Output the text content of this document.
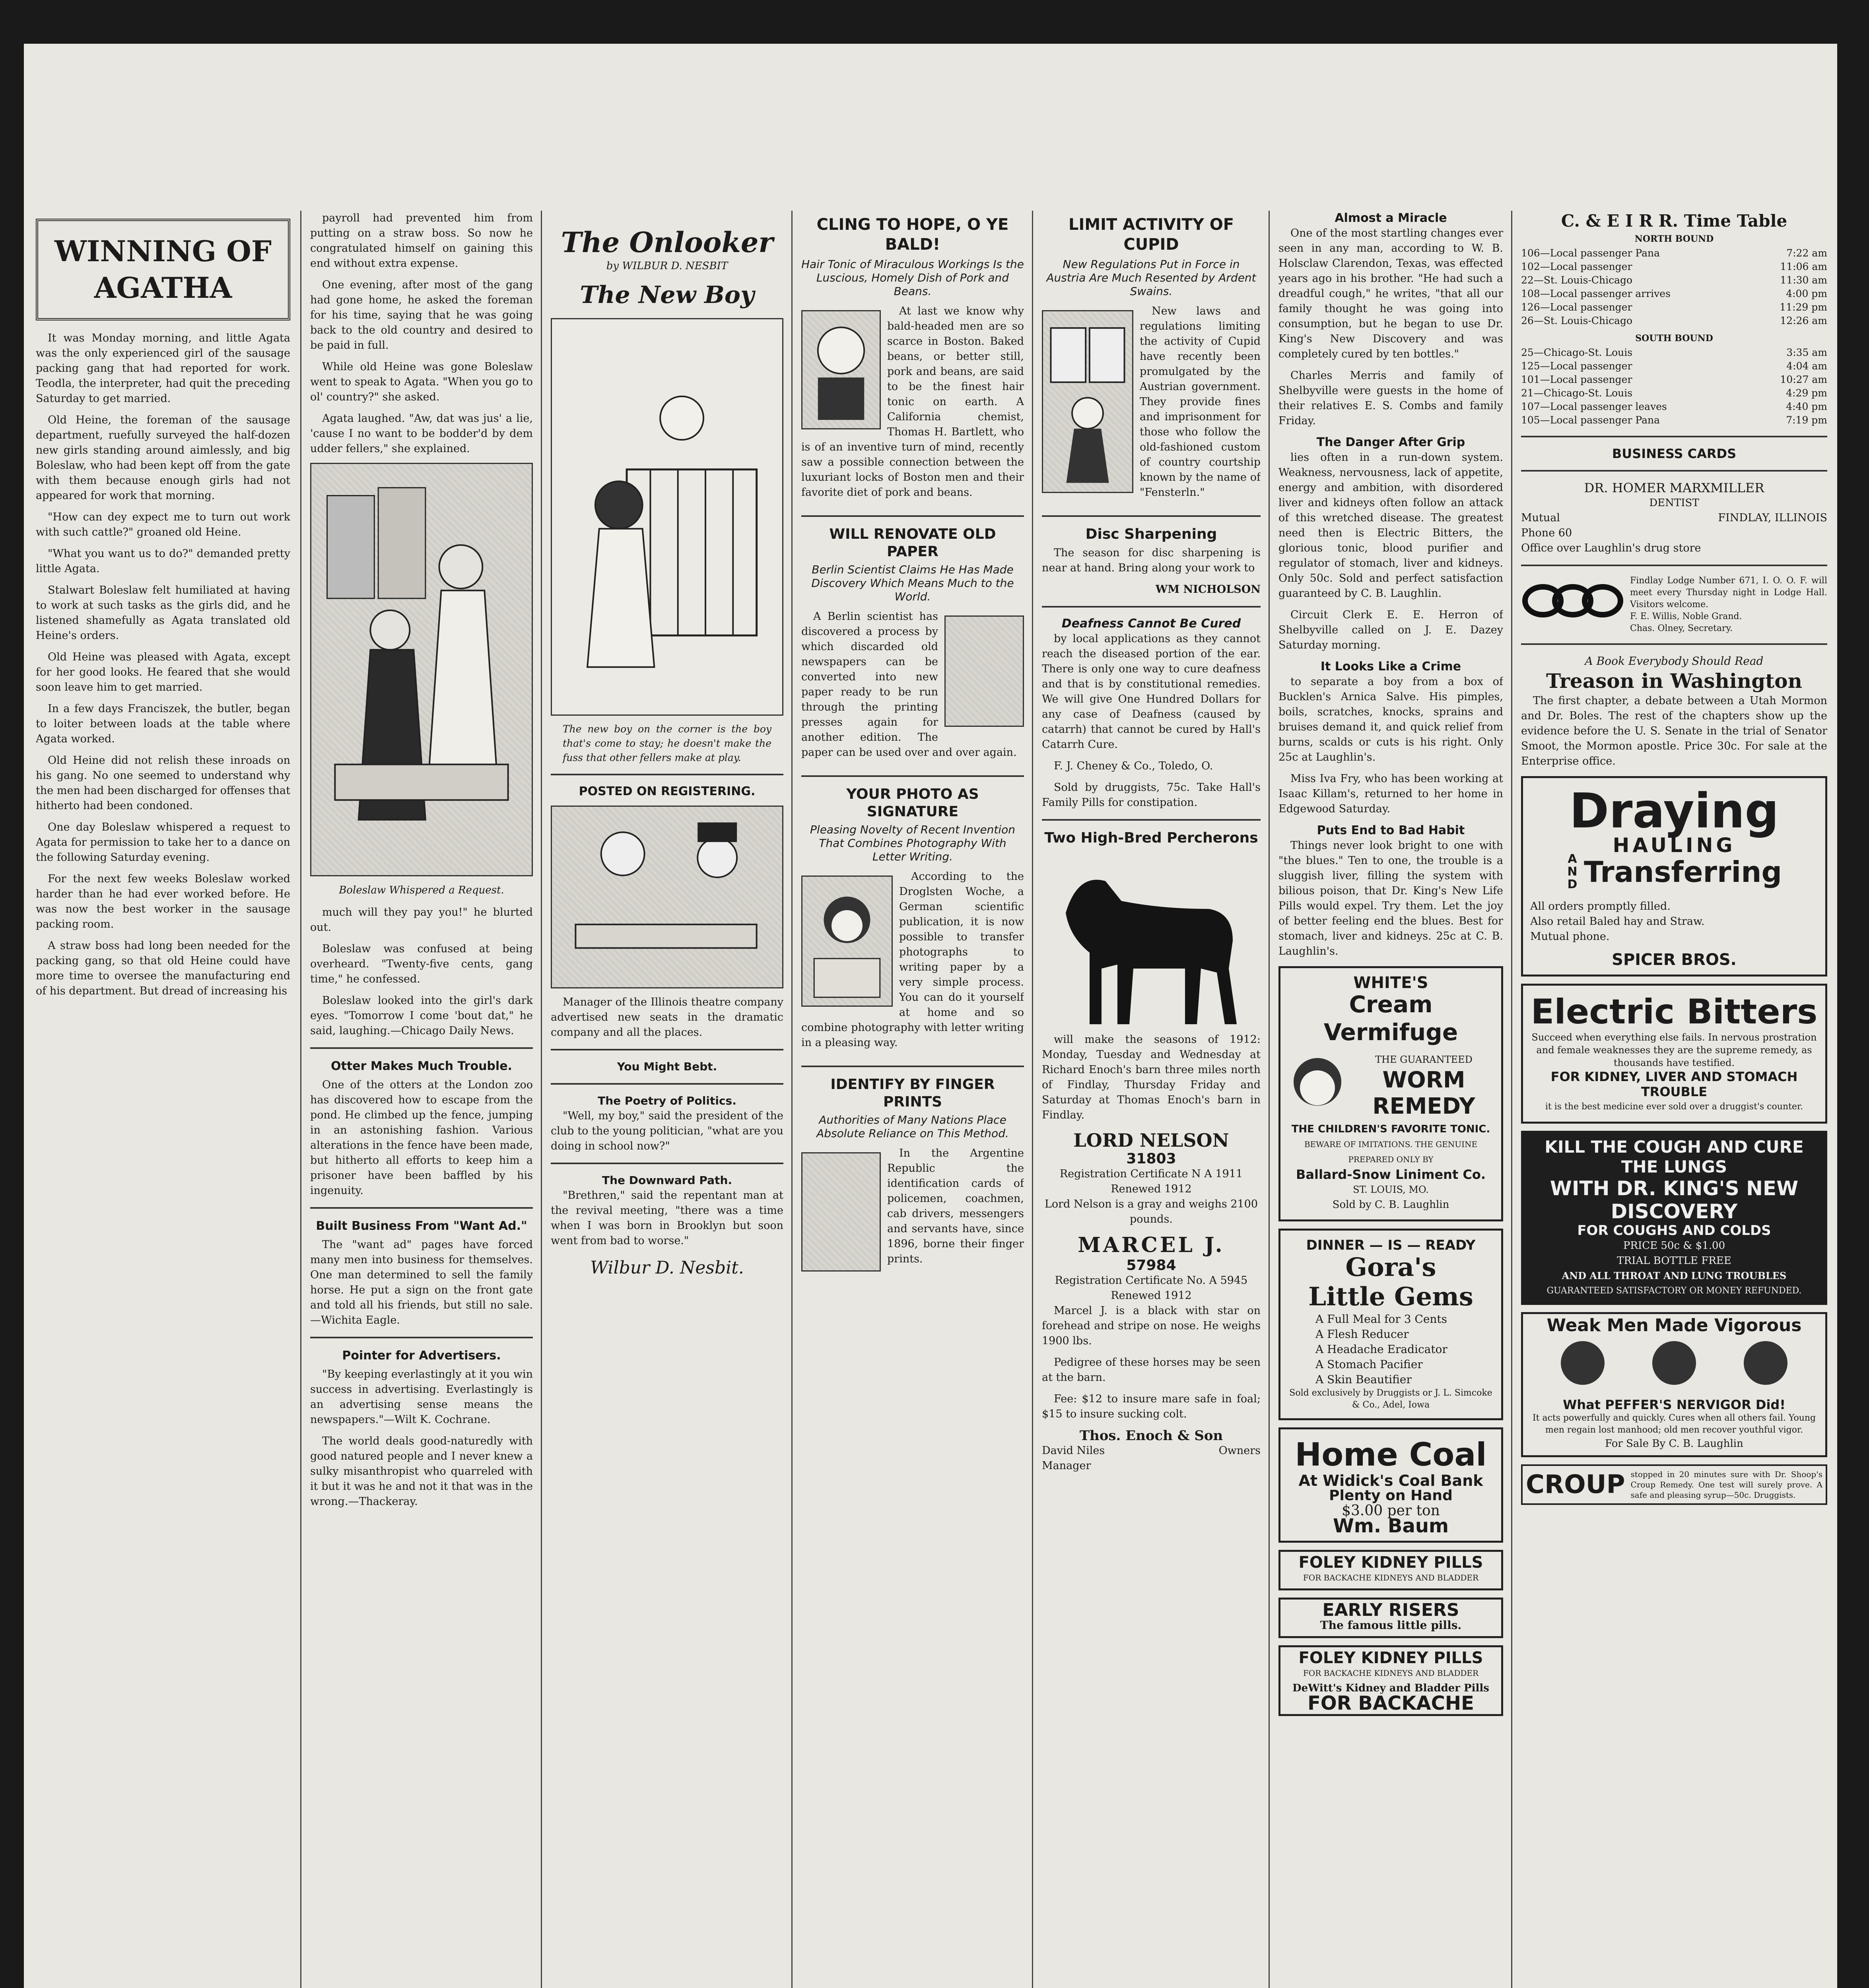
WINNING OF AGATHA

It was Monday morning, and little Agata was the only experienced girl of the sausage packing gang that had reported for work. Teodla, the interpreter, had quit the preceding Saturday to get married.

Old Heine, the foreman of the sausage department, ruefully surveyed the half-dozen new girls standing around aimlessly, and big Boleslaw, who had been kept off from the gate with them because enough girls had not appeared for work that morning.

"How can dey expect me to turn out work with such cattle?" groaned old Heine.

"What you want us to do?" demanded pretty little Agata.

Stalwart Boleslaw felt humiliated at having to work at such tasks as the girls did, and he listened shamefully as Agata translated old Heine's orders.

Old Heine was pleased with Agata, except for her good looks. He feared that she would soon leave him to get married.

In a few days Franciszek, the butler, began to loiter between loads at the table where Agata worked.

Old Heine did not relish these inroads on his gang. No one seemed to understand why the men had been discharged for offenses that hitherto had been condoned.

One day Boleslaw whispered a request to Agata for permission to take her to a dance on the following Saturday evening.

For the next few weeks Boleslaw worked harder than he had ever worked before. He was now the best worker in the sausage packing room.

A straw boss had long been needed for the packing gang, so that old Heine could have more time to oversee the manufacturing end of his department. But dread of increasing his

payroll had prevented him from putting on a straw boss. So now he congratulated himself on gaining this end without extra expense.

One evening, after most of the gang had gone home, he asked the foreman for his time, saying that he was going back to the old country and desired to be paid in full.

While old Heine was gone Boleslaw went to speak to Agata. "When you go to ol' country?" she asked.

Agata laughed. "Aw, dat was jus' a lie, 'cause I no want to be bodder'd by dem udder fellers," she explained.

Boleslaw Whispered a Request.

much will they pay you!" he blurted out.

Boleslaw was confused at being overheard. "Twenty-five cents, gang time," he confessed.

Boleslaw looked into the girl's dark eyes. "Tomorrow I come 'bout dat," he said, laughing.—Chicago Daily News.

Otter Makes Much Trouble.

One of the otters at the London zoo has discovered how to escape from the pond. He climbed up the fence, jumping in an astonishing fashion. Various alterations in the fence have been made, but hitherto all efforts to keep him a prisoner have been baffled by his ingenuity.

Built Business From "Want Ad."

The "want ad" pages have forced many men into business for themselves. One man determined to sell the family horse. He put a sign on the front gate and told all his friends, but still no sale.—Wichita Eagle.

Pointer for Advertisers.

"By keeping everlastingly at it you win success in advertising. Everlastingly is an advertising sense means the newspapers."—Wilt K. Cochrane.

The world deals good-naturedly with good natured people and I never knew a sulky misanthropist who quarreled with it but it was he and not it that was in the wrong.—Thackeray.

The Onlooker
by WILBUR D. NESBIT
The New Boy
The new boy on the corner is the boy that's come to stay; he doesn't make the fuss that other fellers make at play.
POSTED ON REGISTERING.

Manager of the Illinois theatre company advertised new seats in the dramatic company and all the places.

You Might Bebt.
The Poetry of Politics.

"Well, my boy," said the president of the club to the young politician, "what are you doing in school now?"

The Downward Path.

"Brethren," said the repentant man at the revival meeting, "there was a time when I was born in Brooklyn but soon went from bad to worse."

Wilbur D. Nesbit.
CLING TO HOPE, O YE BALD!
Hair Tonic of Miraculous Workings Is the Luscious, Homely Dish of Pork and Beans.

At last we know why bald-headed men are so scarce in Boston. Baked beans, or better still, pork and beans, are said to be the finest hair tonic on earth. A California chemist, Thomas H. Bartlett, who is of an inventive turn of mind, recently saw a possible connection between the luxuriant locks of Boston men and their favorite diet of pork and beans.

WILL RENOVATE OLD PAPER
Berlin Scientist Claims He Has Made Discovery Which Means Much to the World.

A Berlin scientist has discovered a process by which discarded old newspapers can be converted into new paper ready to be run through the printing presses again for another edition. The paper can be used over and over again.

YOUR PHOTO AS SIGNATURE
Pleasing Novelty of Recent Invention That Combines Photography With Letter Writing.

According to the Droglsten Woche, a German scientific publication, it is now possible to transfer photographs to writing paper by a very simple process. You can do it yourself at home and so combine photography with letter writing in a pleasing way.

IDENTIFY BY FINGER PRINTS
Authorities of Many Nations Place Absolute Reliance on This Method.

In the Argentine Republic the identification cards of policemen, coachmen, cab drivers, messengers and servants have, since 1896, borne their finger prints.

LIMIT ACTIVITY OF CUPID
New Regulations Put in Force in Austria Are Much Resented by Ardent Swains.

New laws and regulations limiting the activity of Cupid have recently been promulgated by the Austrian government. They provide fines and imprisonment for those who follow the old-fashioned custom of country courtship known by the name of "Fensterln."

Disc Sharpening

The season for disc sharpening is near at hand. Bring along your work to

WM NICHOLSON
Deafness Cannot Be Cured

by local applications as they cannot reach the diseased portion of the ear. There is only one way to cure deafness and that is by constitutional remedies. We will give One Hundred Dollars for any case of Deafness (caused by catarrh) that cannot be cured by Hall's Catarrh Cure.

F. J. Cheney & Co., Toledo, O.

Sold by druggists, 75c. Take Hall's Family Pills for constipation.

Two High-Bred Percherons

will make the seasons of 1912: Monday, Tuesday and Wednesday at Richard Enoch's barn three miles north of Findlay, Thursday Friday and Saturday at Thomas Enoch's barn in Findlay.

LORD NELSON
31803
Registration Certificate N A 1911 Renewed 1912
Lord Nelson is a gray and weighs 2100 pounds.
MARCEL J.
57984
Registration Certificate No. A 5945 Renewed 1912

Marcel J. is a black with star on forehead and stripe on nose. He weighs 1900 lbs.

Pedigree of these horses may be seen at the barn.

Fee: $12 to insure mare safe in foal; $15 to insure sucking colt.

Thos. Enoch & Son
David Niles	Owners
Manager
Almost a Miracle

One of the most startling changes ever seen in any man, according to W. B. Holsclaw Clarendon, Texas, was effected years ago in his brother. "He had such a dreadful cough," he writes, "that all our family thought he was going into consumption, but he began to use Dr. King's New Discovery and was completely cured by ten bottles."

Charles Merris and family of Shelbyville were guests in the home of their relatives E. S. Combs and family Friday.

The Danger After Grip

lies often in a run-down system. Weakness, nervousness, lack of appetite, energy and ambition, with disordered liver and kidneys often follow an attack of this wretched disease. The greatest need then is Electric Bitters, the glorious tonic, blood purifier and regulator of stomach, liver and kidneys. Only 50c. Sold and perfect satisfaction guaranteed by C. B. Laughlin.

Circuit Clerk E. E. Herron of Shelbyville called on J. E. Dazey Saturday morning.

It Looks Like a Crime

to separate a boy from a box of Bucklen's Arnica Salve. His pimples, boils, scratches, knocks, sprains and bruises demand it, and quick relief from burns, scalds or cuts is his right. Only 25c at Laughlin's.

Miss Iva Fry, who has been working at Isaac Killam's, returned to her home in Edgewood Saturday.

Puts End to Bad Habit

Things never look bright to one with "the blues." Ten to one, the trouble is a sluggish liver, filling the system with bilious poison, that Dr. King's New Life Pills would expel. Try them. Let the joy of better feeling end the blues. Best for stomach, liver and kidneys. 25c at C. B. Laughlin's.

WHITE'S
Cream Vermifuge
THE GUARANTEED
WORM REMEDY
THE CHILDREN'S FAVORITE TONIC.
BEWARE OF IMITATIONS. THE GENUINE PREPARED ONLY BY
Ballard-Snow Liniment Co.
ST. LOUIS, MO.
Sold by C. B. Laughlin
DINNER — IS — READY
Gora's
Little Gems
A Full Meal for 3 Cents
A Flesh Reducer
A Headache Eradicator
A Stomach Pacifier
A Skin Beautifier
Sold exclusively by Druggists or J. L. Simcoke & Co., Adel, Iowa
Home Coal
At Widick's Coal Bank
Plenty on Hand
$3.00 per ton
Wm. Baum
FOLEY KIDNEY PILLS
FOR BACKACHE KIDNEYS AND BLADDER
EARLY RISERS
The famous little pills.
FOLEY KIDNEY PILLS
FOR BACKACHE KIDNEYS AND BLADDER
DeWitt's Kidney and Bladder Pills
FOR BACKACHE
C. & E I R R. Time Table
NORTH BOUND
106—Local passenger Pana	7:22 am
102—Local passenger	11:06 am
22—St. Louis-Chicago	11:30 am
108—Local passenger arrives	4:00 pm
126—Local passenger	11:29 pm
26—St. Louis-Chicago	12:26 am
SOUTH BOUND
25—Chicago-St. Louis	3:35 am
125—Local passenger	4:04 am
101—Local passenger	10:27 am
21—Chicago-St. Louis	4:29 pm
107—Local passenger leaves	4:40 pm
105—Local passenger Pana	7:19 pm
BUSINESS CARDS
DR. HOMER MARXMILLER
DENTIST
Mutual	FINDLAY, ILLINOIS
Phone 60
Office over Laughlin's drug store
Findlay Lodge Number 671, I. O. O. F. will meet every Thursday night in Lodge Hall. Visitors welcome.
F. E. Willis, Noble Grand.
Chas. Olney, Secretary.
A Book Everybody Should Read
Treason in Washington

The first chapter, a debate between a Utah Mormon and Dr. Boles. The rest of the chapters show up the evidence before the U. S. Senate in the trial of Senator Smoot, the Mormon apostle. Price 30c. For sale at the Enterprise office.

Draying
HAULING
AND Transferring
All orders promptly filled.
Also retail Baled hay and Straw.
Mutual phone.
SPICER BROS.
Electric Bitters
Succeed when everything else fails. In nervous prostration and female weaknesses they are the supreme remedy, as thousands have testified.
FOR KIDNEY, LIVER AND STOMACH TROUBLE
it is the best medicine ever sold over a druggist's counter.
KILL THE COUGH AND CURE THE LUNGS
WITH DR. KING'S NEW DISCOVERY
FOR COUGHS AND COLDS
PRICE 50c & $1.00
TRIAL BOTTLE FREE
AND ALL THROAT AND LUNG TROUBLES
GUARANTEED SATISFACTORY OR MONEY REFUNDED.
Weak Men Made Vigorous
What PEFFER'S NERVIGOR Did!
It acts powerfully and quickly. Cures when all others fail. Young men regain lost manhood; old men recover youthful vigor.
For Sale By C. B. Laughlin
CROUP stopped in 20 minutes sure with Dr. Shoop's Croup Remedy. One test will surely prove. A safe and pleasing syrup—50c. Druggists.
